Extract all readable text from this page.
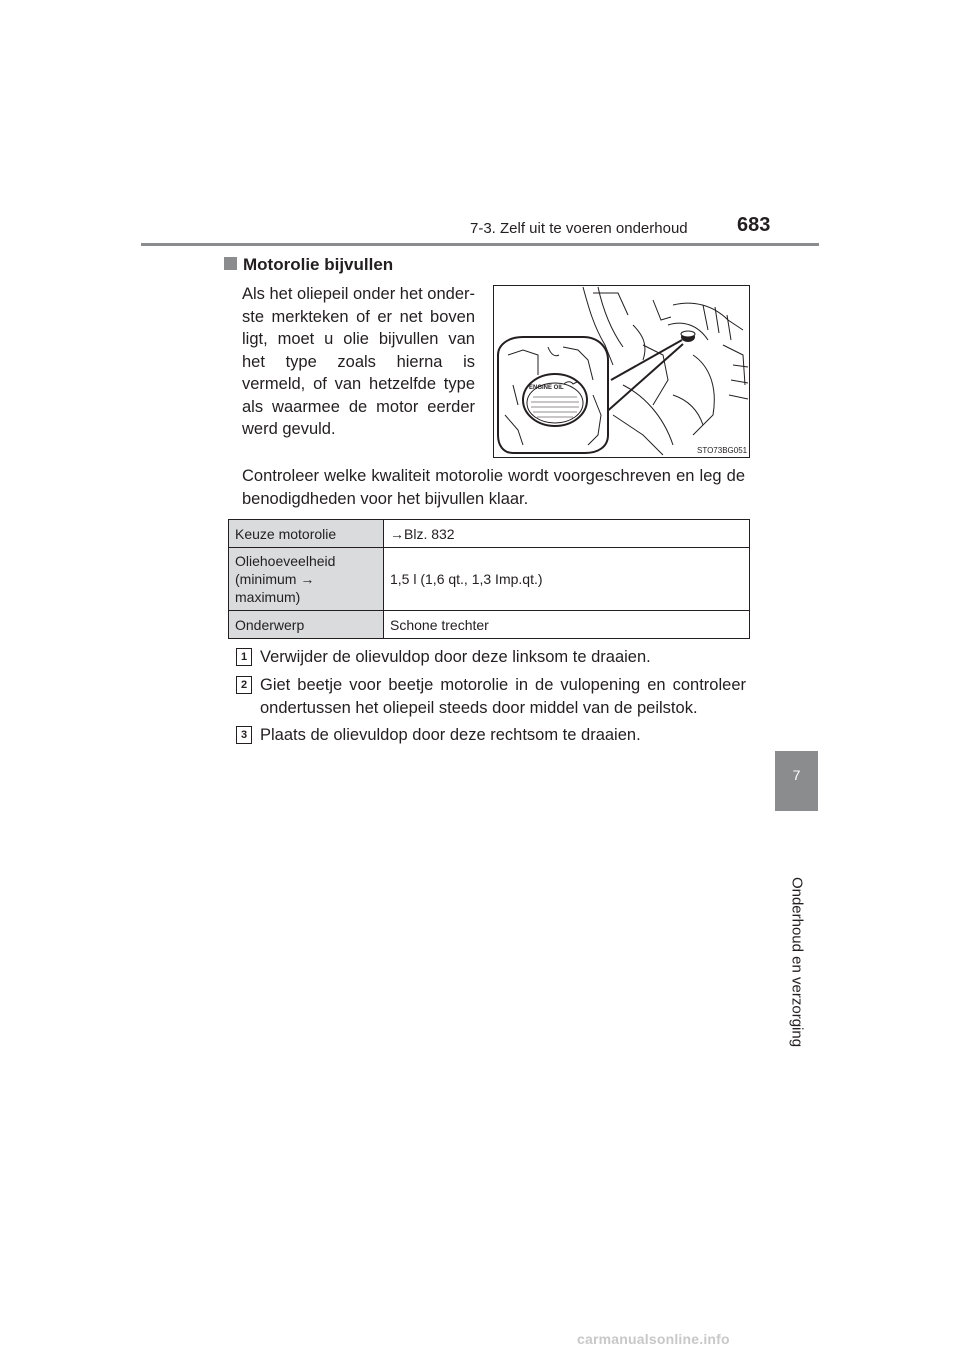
7-3. Zelf uit te voeren onderhoud 683
7
Onderhoud en verzorging
Motorolie bijvullen
Als het oliepeil onder het onder-ste merkteken of er net boven ligt, moet u olie bijvullen van het type zoals hierna is vermeld, of van hetzelfde type als waarmee de motor eerder werd gevuld.
ENGINE OIL
STO73BG051
Controleer welke kwaliteit motorolie wordt voorgeschreven en leg de benodigdheden voor het bijvullen klaar.
Keuze motorolie	→Blz. 832
Oliehoeveelheid (minimum → maximum)	1,5 l (1,6 qt., 1,3 Imp.qt.)
Onderwerp	Schone trechter
1 Verwijder de olievuldop door deze linksom te draaien.
2 Giet beetje voor beetje motorolie in de vulopening en controleer ondertussen het oliepeil steeds door middel van de peilstok.
3 Plaats de olievuldop door deze rechtsom te draaien.
carmanualsonline.info
